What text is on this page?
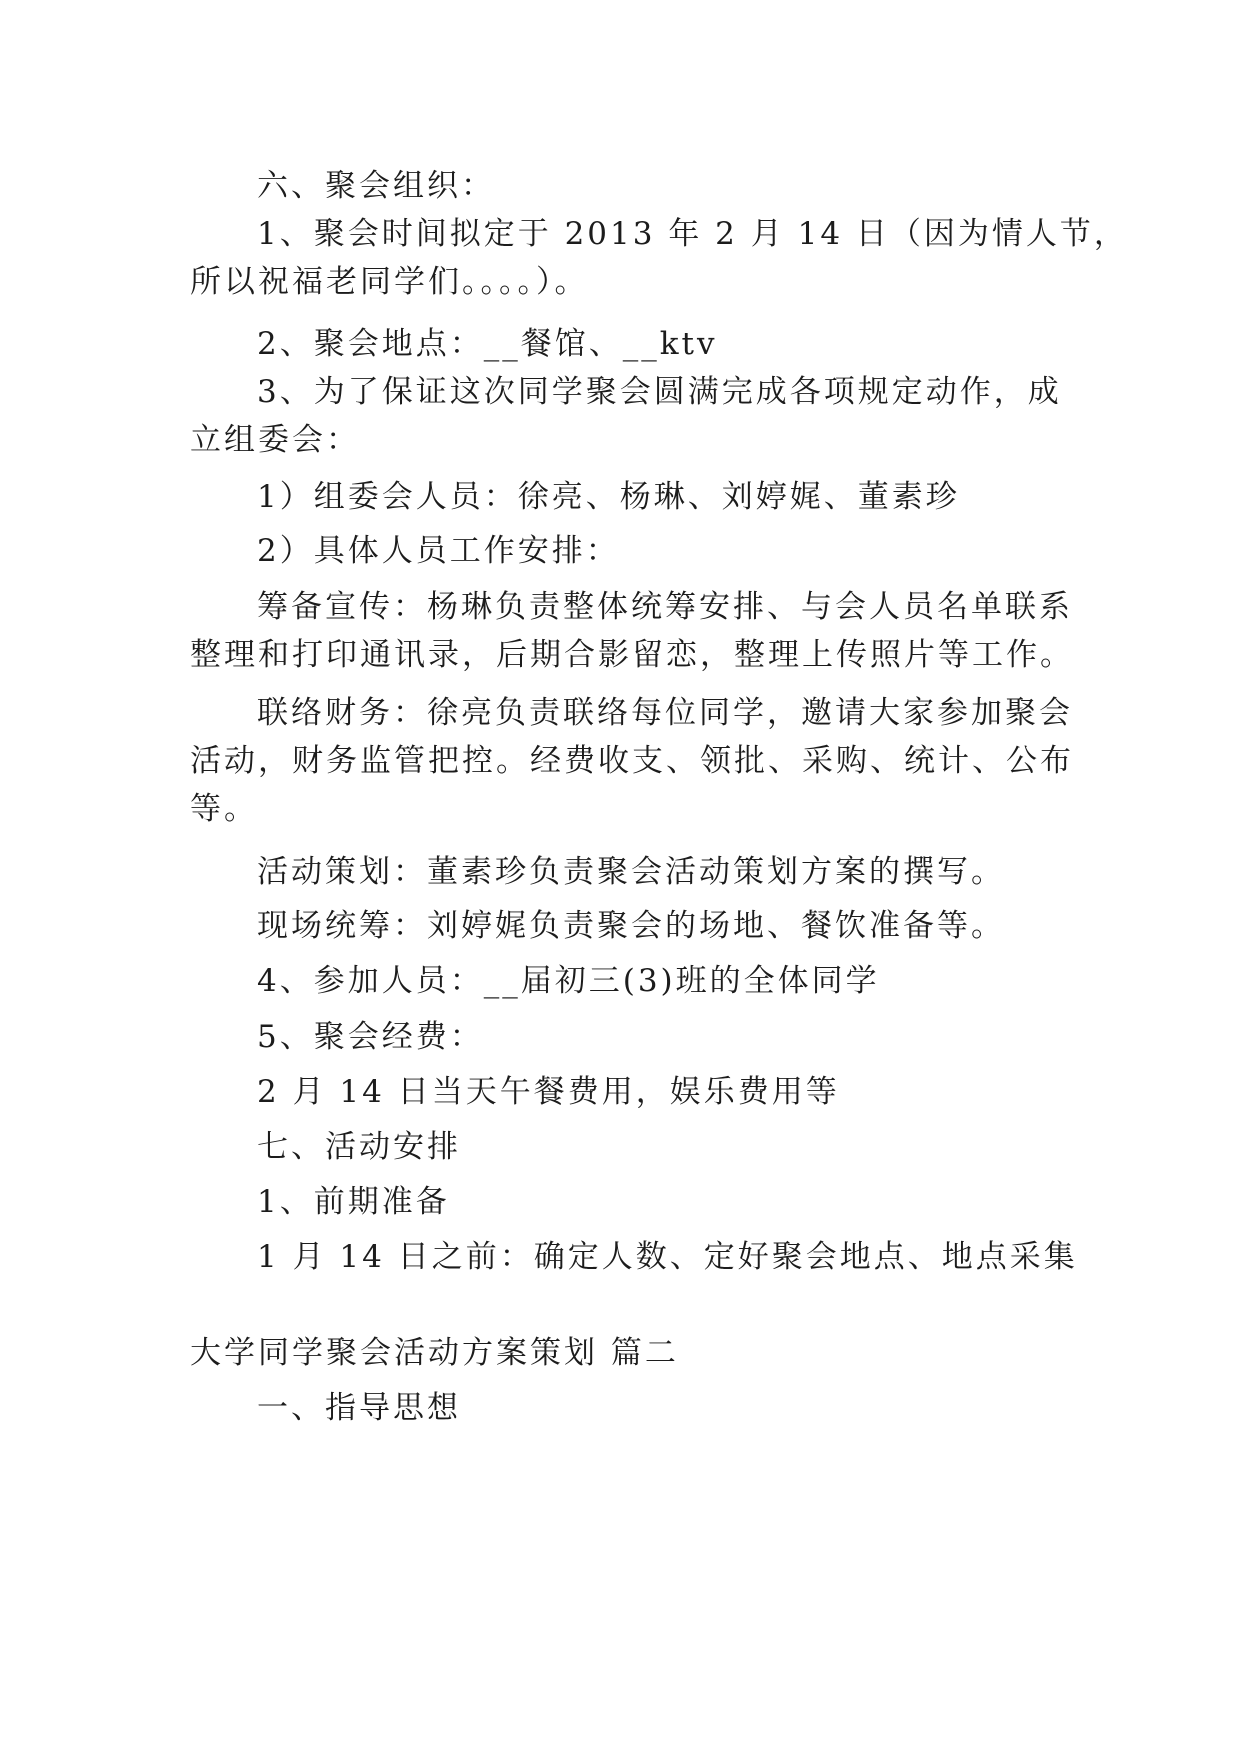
六、聚会组织：

1、聚会时间拟定于 2013 年 2 月 14 日（因为情人节，

所以祝福老同学们。。。。）。

2、聚会地点：__餐馆、__ktv

3、为了保证这次同学聚会圆满完成各项规定动作，成

立组委会：

1）组委会人员：徐亮、杨琳、刘婷娓、董素珍

2）具体人员工作安排：

筹备宣传：杨琳负责整体统筹安排、与会人员名单联系

整理和打印通讯录，后期合影留恋，整理上传照片等工作。

联络财务：徐亮负责联络每位同学，邀请大家参加聚会

活动，财务监管把控。经费收支、领批、采购、统计、公布

等。

活动策划：董素珍负责聚会活动策划方案的撰写。

现场统筹：刘婷娓负责聚会的场地、餐饮准备等。

4、参加人员：__届初三(3)班的全体同学

5、聚会经费：

2 月 14 日当天午餐费用，娱乐费用等

七、活动安排

1、前期准备

1 月 14 日之前：确定人数、定好聚会地点、地点采集

大学同学聚会活动方案策划 篇二

一、指导思想
